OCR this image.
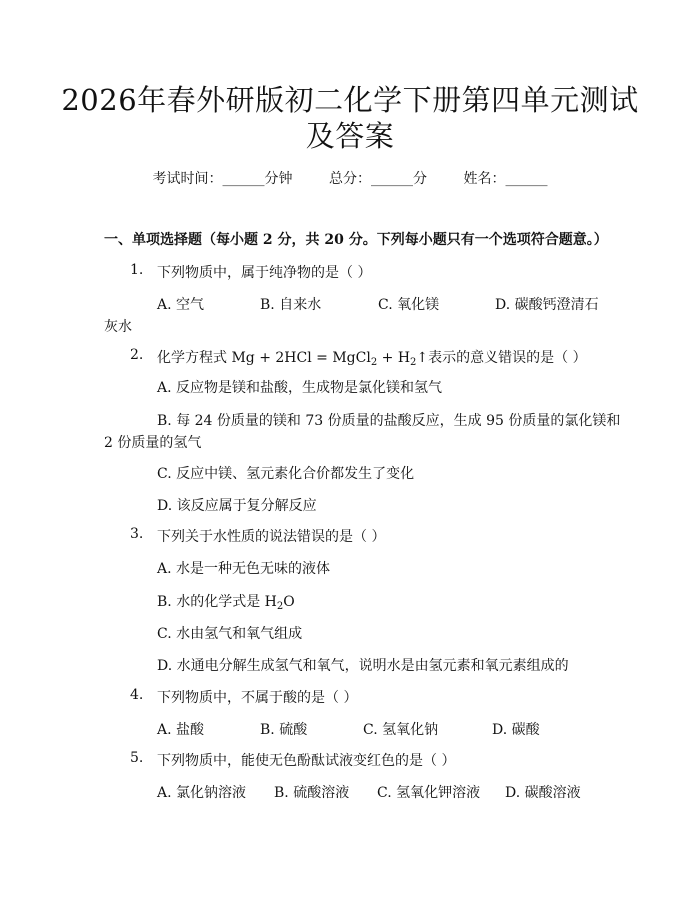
2026年春外研版初二化学下册第四单元测试
及答案
考试时间：______分钟	总分：______分	姓名：______
一、单项选择题（每小题 2 分，共 20 分。下列每小题只有一个选项符合题意。）
1. 下列物质中，属于纯净物的是（ ）
A. 空气	B. 自来水	C. 氧化镁	D. 碳酸钙澄清石
灰水
2. 化学方程式 Mg + 2HCl = MgCl$_2$ + $H_2↑$表示的意义错误的是（ ）
A. 反应物是镁和盐酸，生成物是氯化镁和氢气
B. 每 24 份质量的镁和 73 份质量的盐酸反应，生成 95 份质量的氯化镁和
2 份质量的氢气
C. 反应中镁、氢元素化合价都发生了变化
D. 该反应属于复分解反应
3. 下列关于水性质的说法错误的是（ ）
A. 水是一种无色无味的液体
B. 水的化学式是 $H_2O$
C. 水由氢气和氧气组成
D. 水通电分解生成氢气和氧气，说明水是由氢元素和氧元素组成的
4. 下列物质中，不属于酸的是（ ）
A. 盐酸	B. 硫酸	C. 氢氧化钠	D. 碳酸
5. 下列物质中，能使无色酚酞试液变红色的是（ ）
A. 氯化钠溶液 B. 硫酸溶液 C. 氢氧化钾溶液 D. 碳酸溶液
